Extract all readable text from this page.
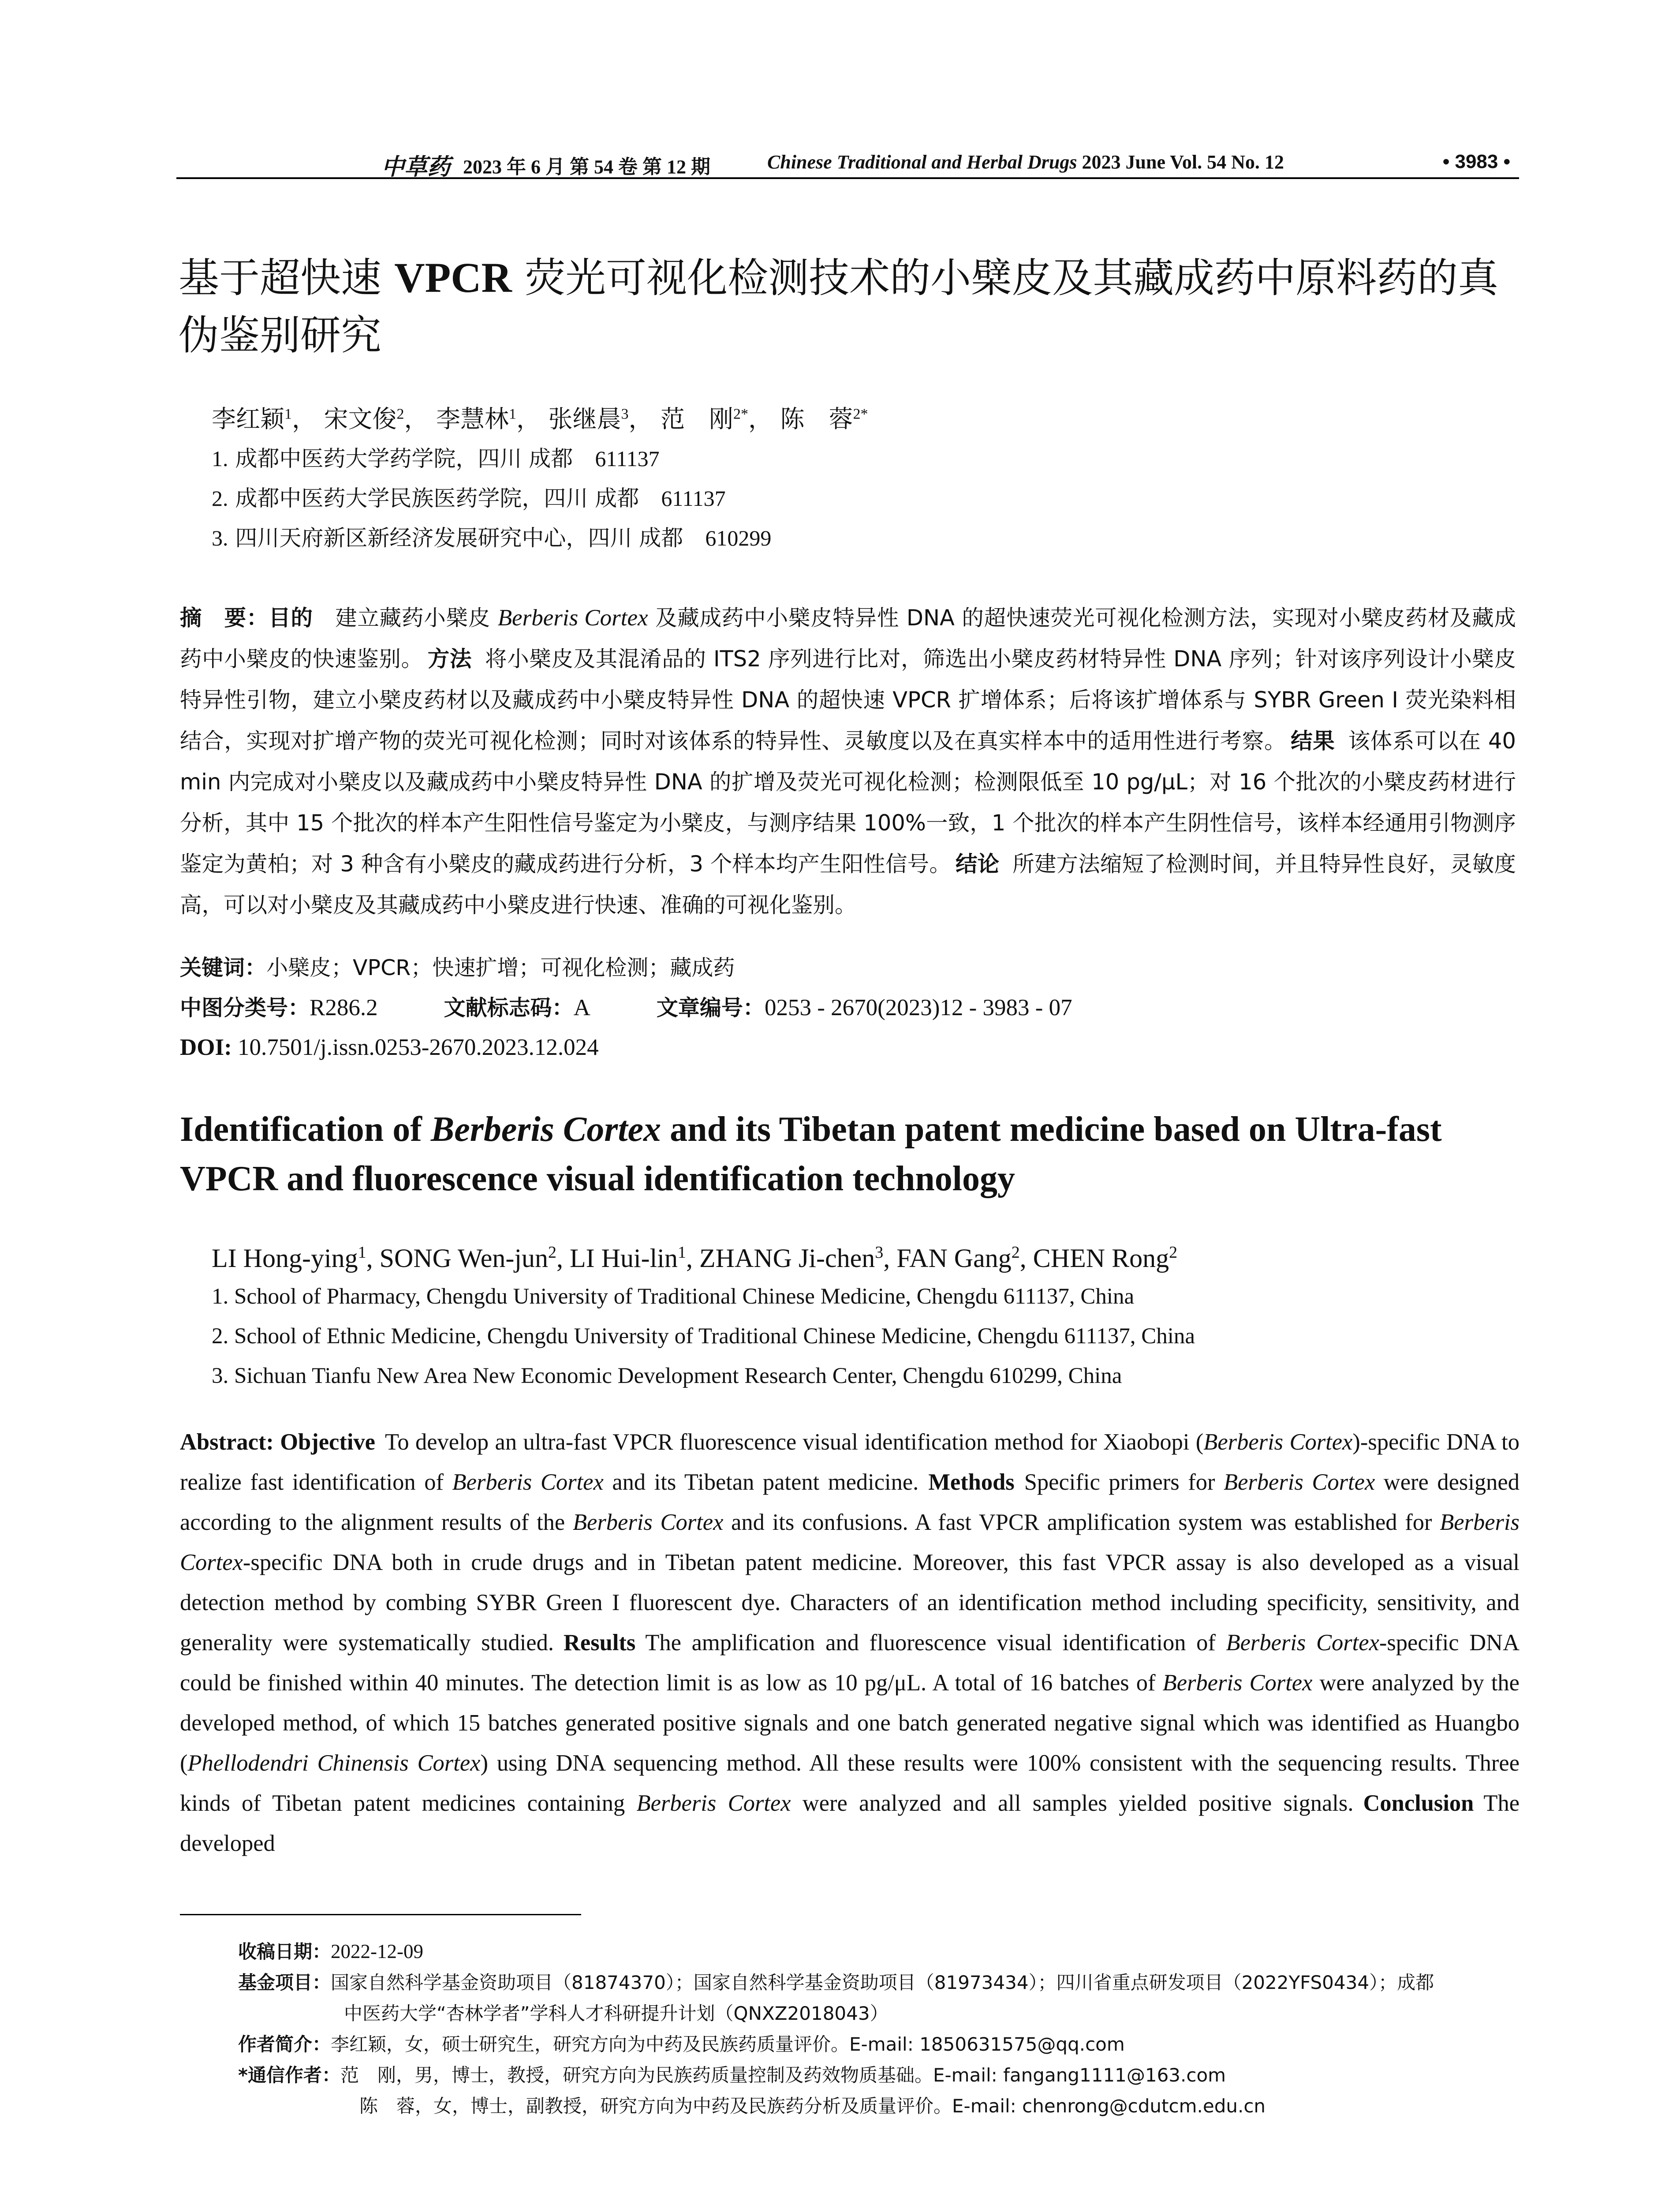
中草药 2023 年 6 月 第 54 卷 第 12 期	Chinese Traditional and Herbal Drugs 2023 June Vol. 54 No. 12	• 3983 •
基于超快速 VPCR 荧光可视化检测技术的小檗皮及其藏成药中原料药的真伪鉴别研究
李红颖$^1$， 宋文俊$^2$， 李慧林$^1$， 张继晨$^3$， 范　刚$^{2*}$， 陈　蓉$^{2*}$
1. 成都中医药大学药学院，四川 成都　 611137
2. 成都中医药大学民族医药学院，四川 成都　 611137
3. 四川天府新区新经济发展研究中心，四川 成都　 610299
摘　要：目的　 建立藏药小檗皮 Berberis Cortex 及藏成药中小檗皮特异性 DNA 的超快速荧光可视化检测方法，实现对小檗皮药材及藏成药中小檗皮的快速鉴别。 方法 将小檗皮及其混淆品的 ITS2 序列进行比对，筛选出小檗皮药材特异性 DNA 序列；针对该序列设计小檗皮特异性引物，建立小檗皮药材以及藏成药中小檗皮特异性 DNA 的超快速 VPCR 扩增体系；后将该扩增体系与 SYBR Green I 荧光染料相结合，实现对扩增产物的荧光可视化检测；同时对该体系的特异性、灵敏度以及在真实样本中的适用性进行考察。 结果 该体系可以在 40 min 内完成对小檗皮以及藏成药中小檗皮特异性 DNA 的扩增及荧光可视化检测；检测限低至 10 pg/μL；对 16 个批次的小檗皮药材进行分析，其中 15 个批次的样本产生阳性信号鉴定为小檗皮，与测序结果 100%一致，1 个批次的样本产生阴性信号，该样本经通用引物测序鉴定为黄柏；对 3 种含有小檗皮的藏成药进行分析，3 个样本均产生阳性信号。 结论 所建方法缩短了检测时间，并且特异性良好，灵敏度高，可以对小檗皮及其藏成药中小檗皮进行快速、准确的可视化鉴别。
关键词：小檗皮；VPCR；快速扩增；可视化检测；藏成药
中图分类号：R286.2	文献标志码：A	文章编号：0253 - 2670(2023)12 - 3983 - 07
DOI: 10.7501/j.issn.0253-2670.2023.12.024
Identification of Berberis Cortex and its Tibetan patent medicine based on Ultra-fast VPCR and fluorescence visual identification technology
LI Hong-ying$^1$, SONG Wen-jun$^2$, LI Hui-lin$^1$, ZHANG Ji-chen$^3$, FAN Gang$^2$, CHEN Rong$^2$
1. School of Pharmacy, Chengdu University of Traditional Chinese Medicine, Chengdu 611137, China
2. School of Ethnic Medicine, Chengdu University of Traditional Chinese Medicine, Chengdu 611137, China
3. Sichuan Tianfu New Area New Economic Development Research Center, Chengdu 610299, China
Abstract: Objective To develop an ultra-fast VPCR fluorescence visual identification method for Xiaobopi (Berberis Cortex)-specific DNA to realize fast identification of Berberis Cortex and its Tibetan patent medicine. Methods Specific primers for Berberis Cortex were designed according to the alignment results of the Berberis Cortex and its confusions. A fast VPCR amplification system was established for Berberis Cortex-specific DNA both in crude drugs and in Tibetan patent medicine. Moreover, this fast VPCR assay is also developed as a visual detection method by combing SYBR Green I fluorescent dye. Characters of an identification method including specificity, sensitivity, and generality were systematically studied. Results The amplification and fluorescence visual identification of Berberis Cortex-specific DNA could be finished within 40 minutes. The detection limit is as low as 10 pg/μL. A total of 16 batches of Berberis Cortex were analyzed by the developed method, of which 15 batches generated positive signals and one batch generated negative signal which was identified as Huangbo (Phellodendri Chinensis Cortex) using DNA sequencing method. All these results were 100% consistent with the sequencing results. Three kinds of Tibetan patent medicines containing Berberis Cortex were analyzed and all samples yielded positive signals. Conclusion The developed
收稿日期：2022-12-09
基金项目：国家自然科学基金资助项目（81874370）；国家自然科学基金资助项目（81973434）；四川省重点研发项目（2022YFS0434）；成都
中医药大学“杏林学者”学科人才科研提升计划（QNXZ2018043）
作者简介：李红颖，女，硕士研究生，研究方向为中药及民族药质量评价。E-mail: 1850631575@qq.com
*通信作者：范　刚，男，博士，教授，研究方向为民族药质量控制及药效物质基础。E-mail: fangang1111@163.com
陈　蓉，女，博士，副教授，研究方向为中药及民族药分析及质量评价。E-mail: chenrong@cdutcm.edu.cn
